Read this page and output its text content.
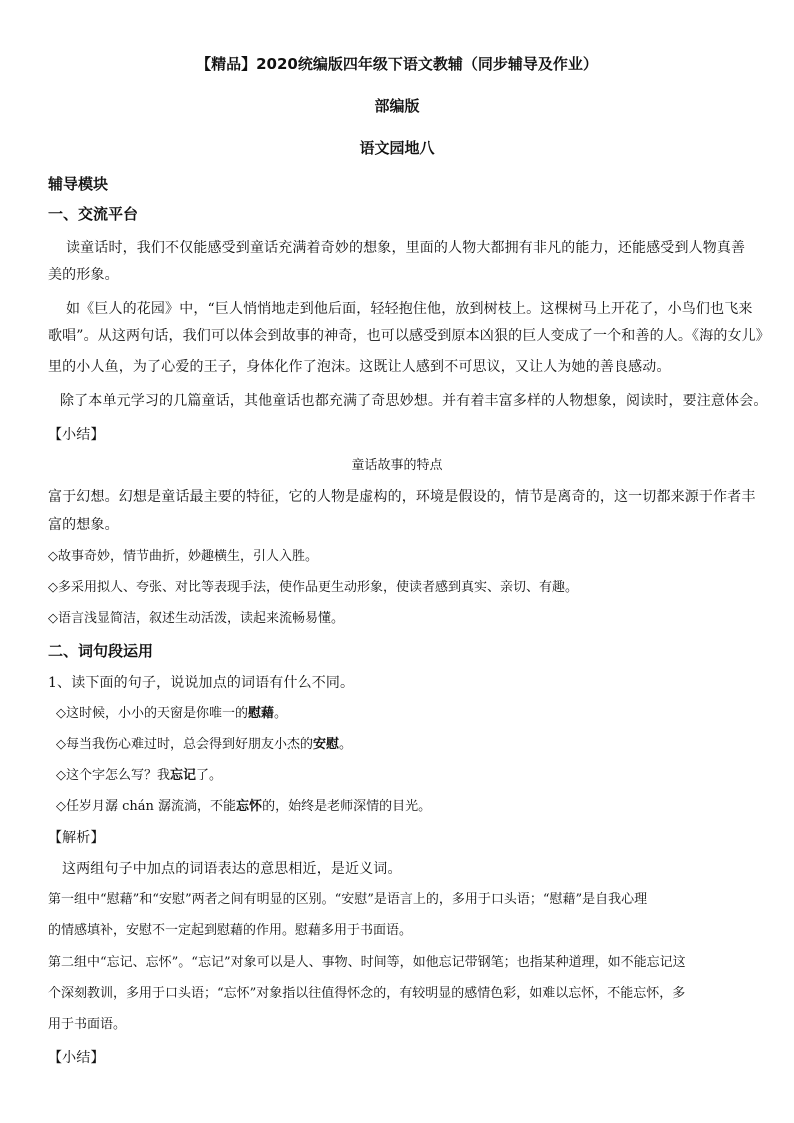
【精品】2020统编版四年级下语文教辅（同步辅导及作业）
部编版
语文园地八
辅导模块
一、交流平台
读童话时，我们不仅能感受到童话充满着奇妙的想象，里面的人物大都拥有非凡的能力，还能感受到人物真善
美的形象。
如《巨人的花园》中，“巨人悄悄地走到他后面，轻轻抱住他，放到树枝上。这棵树马上开花了，小鸟们也飞来
歌唱”。从这两句话，我们可以体会到故事的神奇，也可以感受到原本凶狠的巨人变成了一个和善的人。《海的女儿》
里的小人鱼，为了心爱的王子，身体化作了泡沫。这既让人感到不可思议，又让人为她的善良感动。
除了本单元学习的几篇童话，其他童话也都充满了奇思妙想。并有着丰富多样的人物想象，阅读时，要注意体会。
【小结】
童话故事的特点
富于幻想。幻想是童话最主要的特征，它的人物是虚构的，环境是假设的，情节是离奇的，这一切都来源于作者丰
富的想象。
◇故事奇妙，情节曲折，妙趣横生，引人入胜。
◇多采用拟人、夸张、对比等表现手法，使作品更生动形象，使读者感到真实、亲切、有趣。
◇语言浅显简洁，叙述生动活泼，读起来流畅易懂。
二、词句段运用
1、读下面的句子，说说加点的词语有什么不同。
◇这时候，小小的天窗是你唯一的慰藉。
◇每当我伤心难过时，总会得到好朋友小杰的安慰。
◇这个字怎么写？我忘记了。
◇任岁月潺 chán 潺流淌，不能忘怀的，始终是老师深情的目光。
【解析】
这两组句子中加点的词语表达的意思相近，是近义词。
第一组中“慰藉”和“安慰”两者之间有明显的区别。“安慰”是语言上的，多用于口头语；“慰藉”是自我心理
的情感填补，安慰不一定起到慰藉的作用。慰藉多用于书面语。
第二组中“忘记、忘怀”。“忘记”对象可以是人、事物、时间等，如他忘记带钢笔；也指某种道理，如不能忘记这
个深刻教训，多用于口头语；“忘怀”对象指以往值得怀念的，有较明显的感情色彩，如难以忘怀，不能忘怀，多
用于书面语。
【小结】
